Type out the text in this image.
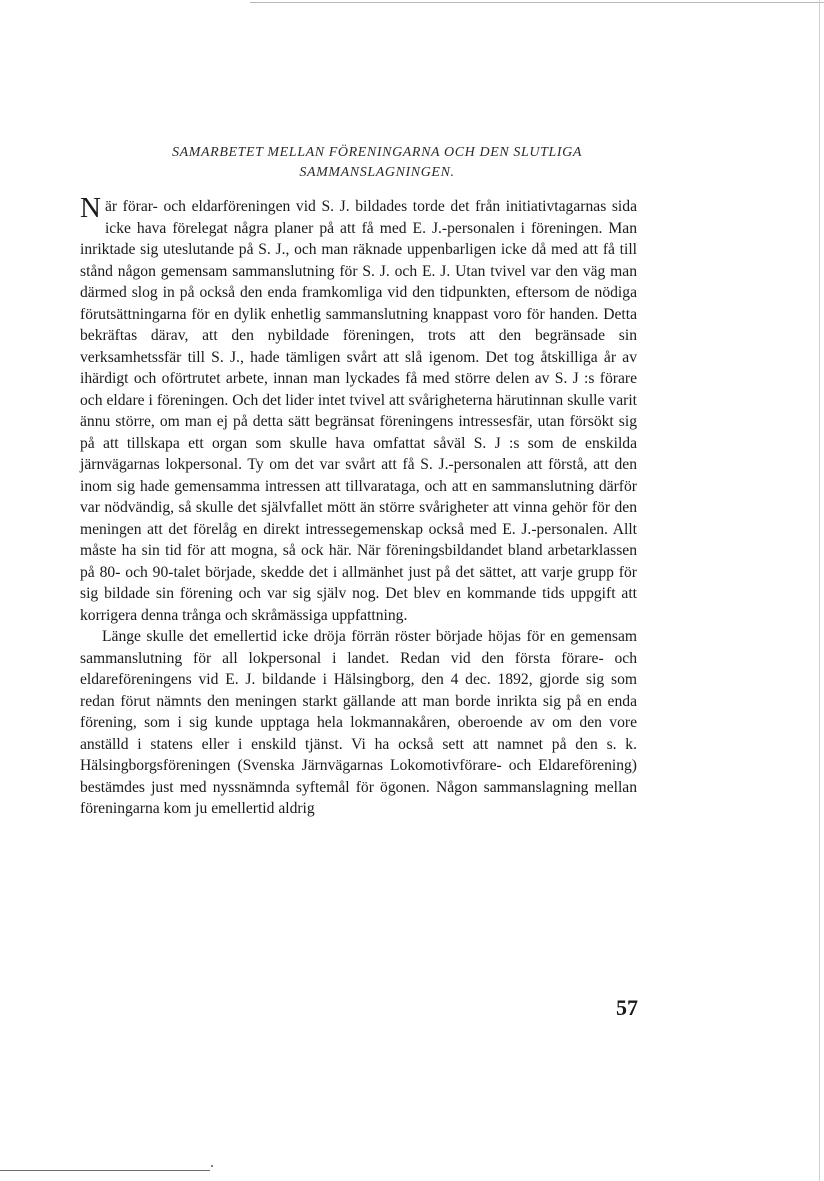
SAMARBETET MELLAN FÖRENINGARNA OCH DEN SLUTLIGA

SAMMANSLAGNINGEN.

När förar- och eldarföreningen vid S. J. bildades torde det från initiativtagarnas sida icke hava förelegat några planer på att få med E. J.-personalen i föreningen. Man inriktade sig uteslutande på S. J., och man räknade uppenbarligen icke då med att få till stånd någon gemensam sammanslutning för S. J. och E. J. Utan tvivel var den väg man därmed slog in på också den enda framkomliga vid den tidpunkten, eftersom de nödiga förutsättningarna för en dylik enhetlig sammanslutning knappast voro för handen. Detta bekräftas därav, att den nybildade föreningen, trots att den begränsade sin verksamhetssfär till S. J., hade tämligen svårt att slå igenom. Det tog åtskilliga år av ihärdigt och oförtrutet arbete, innan man lyckades få med större delen av S. J :s förare och eldare i föreningen. Och det lider intet tvivel att svårigheterna härutinnan skulle varit ännu större, om man ej på detta sätt begränsat föreningens intressesfär, utan försökt sig på att tillskapa ett organ som skulle hava omfattat såväl S. J :s som de enskilda järnvägarnas lokpersonal. Ty om det var svårt att få S. J.-personalen att förstå, att den inom sig hade gemensamma intressen att tillvarataga, och att en sammanslutning därför var nödvändig, så skulle det självfallet mött än större svårigheter att vinna gehör för den meningen att det förelåg en direkt intressegemenskap också med E. J.-personalen. Allt måste ha sin tid för att mogna, så ock här. När föreningsbildandet bland arbetarklassen på 80- och 90-talet började, skedde det i allmänhet just på det sättet, att varje grupp för sig bildade sin förening och var sig själv nog. Det blev en kommande tids uppgift att korrigera denna trånga och skråmässiga uppfattning.

Länge skulle det emellertid icke dröja förrän röster började höjas för en gemensam sammanslutning för all lokpersonal i landet. Redan vid den första förare- och eldareföreningens vid E. J. bildande i Hälsingborg, den 4 dec. 1892, gjorde sig som redan förut nämnts den meningen starkt gällande att man borde inrikta sig på en enda förening, som i sig kunde upptaga hela lokmannakåren, oberoende av om den vore anställd i statens eller i enskild tjänst. Vi ha också sett att namnet på den s. k. Hälsingborgsföreningen (Svenska Järnvägarnas Lokomotivförare- och Eldareförening) bestämdes just med nyssnämnda syftemål för ögonen. Någon sammanslagning mellan föreningarna kom ju emellertid aldrig

57
